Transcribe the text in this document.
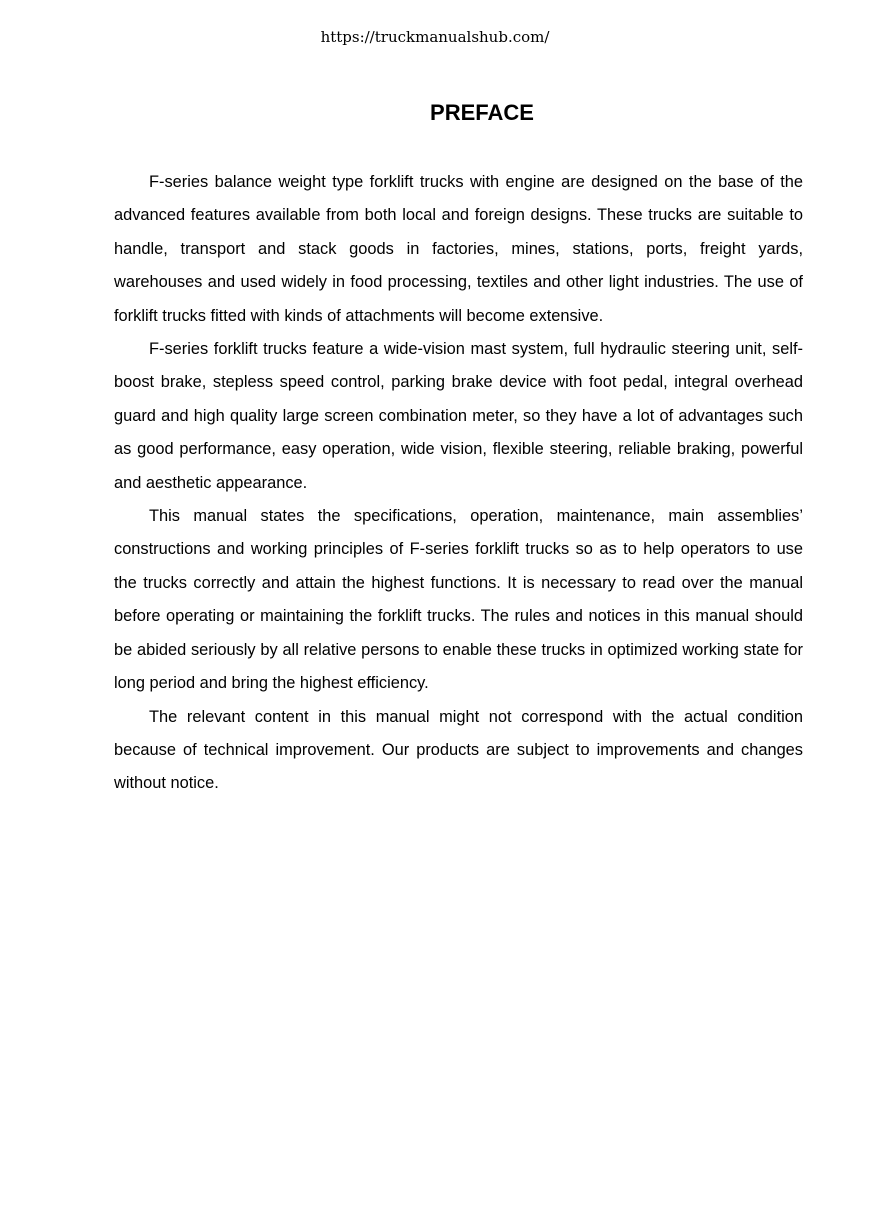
https://truckmanualshub.com/
PREFACE

F-series balance weight type forklift trucks with engine are designed on the base of the advanced features available from both local and foreign designs. These trucks are suitable to handle, transport and stack goods in factories, mines, stations, ports, freight yards, warehouses and used widely in food processing, textiles and other light industries. The use of forklift trucks fitted with kinds of attachments will become extensive.

F-series forklift trucks feature a wide-vision mast system, full hydraulic steering unit, self-boost brake, stepless speed control, parking brake device with foot pedal, integral overhead guard and high quality large screen combination meter, so they have a lot of advantages such as good performance, easy operation, wide vision, flexible steering, reliable braking, powerful and aesthetic appearance.

This manual states the specifications, operation, maintenance, main assemblies’ constructions and working principles of F-series forklift trucks so as to help operators to use the trucks correctly and attain the highest functions. It is necessary to read over the manual before operating or maintaining the forklift trucks. The rules and notices in this manual should be abided seriously by all relative persons to enable these trucks in optimized working state for long period and bring the highest efficiency.

The relevant content in this manual might not correspond with the actual condition because of technical improvement. Our products are subject to improvements and changes without notice.
